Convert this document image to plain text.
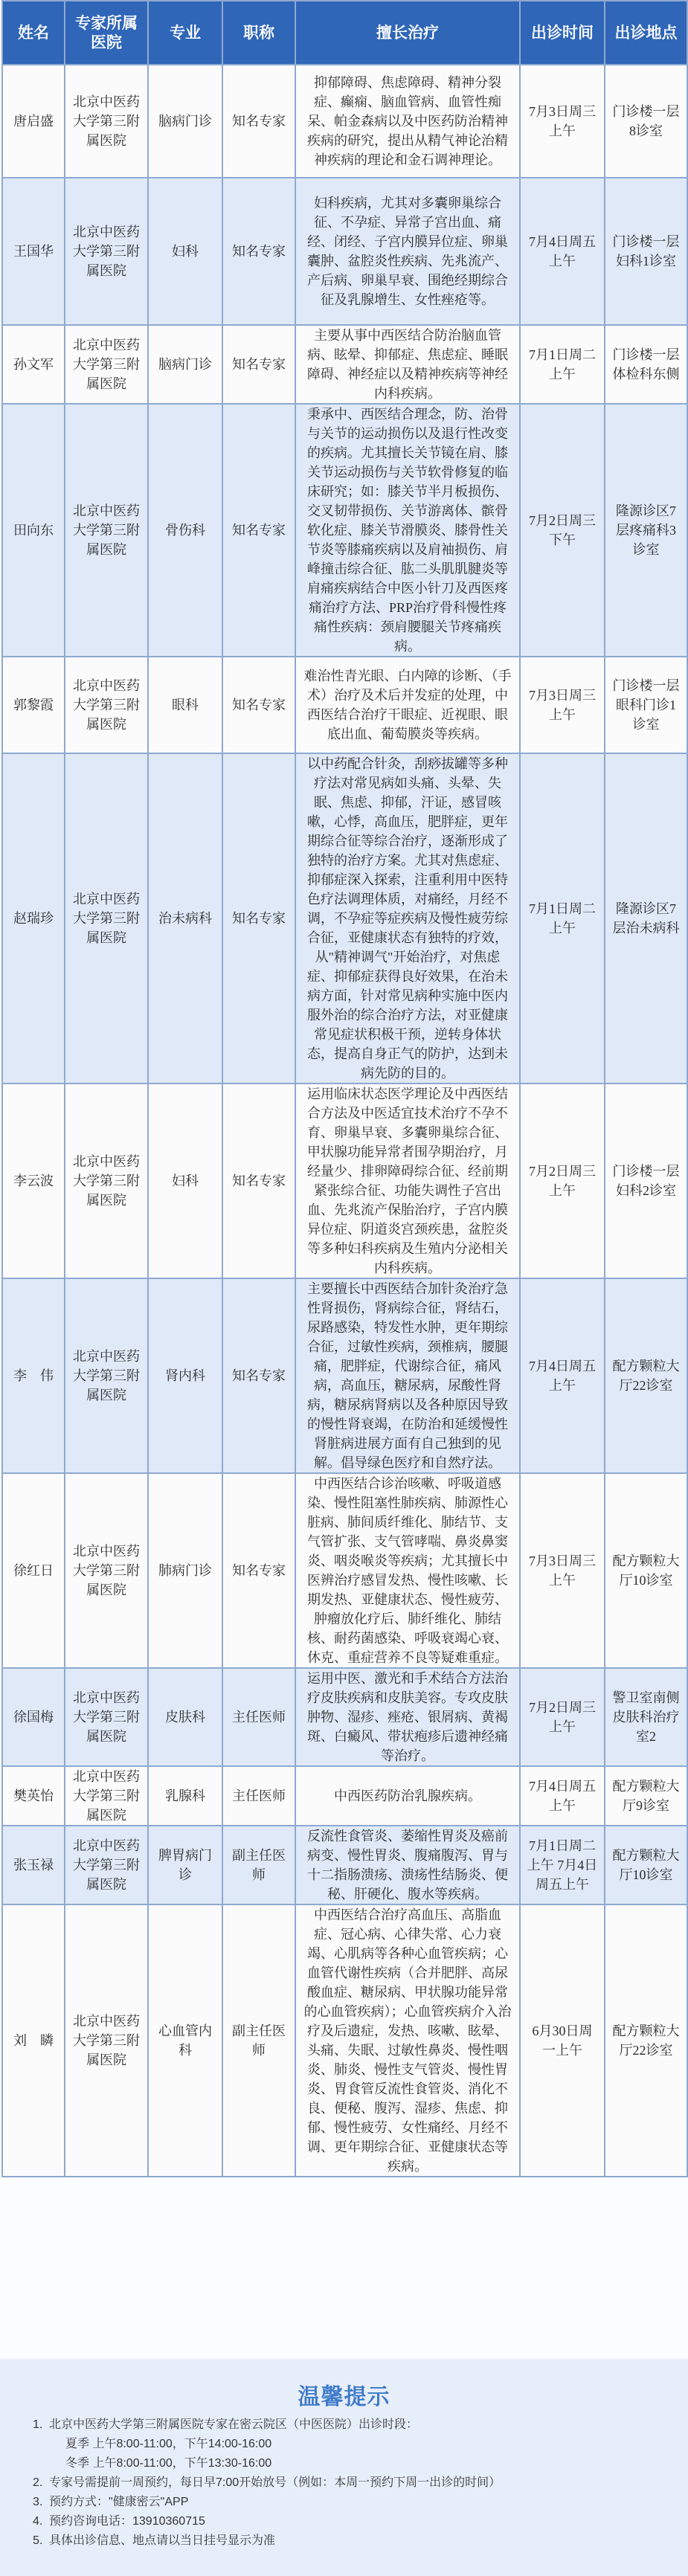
姓名	专家所属医院	专业	职称	擅长治疗	出诊时间	出诊地点
唐启盛	北京中医药大学第三附属医院	脑病门诊	知名专家	抑郁障碍、焦虑障碍、精神分裂症、癫痫、脑血管病、血管性痴呆、帕金森病以及中医药防治精神疾病的研究，提出从精气神论治精神疾病的理论和金石调神理论。	7月3日周三上午	门诊楼一层8诊室
王国华	北京中医药大学第三附属医院	妇科	知名专家	妇科疾病，尤其对多囊卵巢综合征、不孕症、异常子宫出血、痛经、闭经、子宫内膜异位症、卵巢囊肿、盆腔炎性疾病、先兆流产、产后病、卵巢早衰、围绝经期综合征及乳腺增生、女性痤疮等。	7月4日周五上午	门诊楼一层妇科1诊室
孙文军	北京中医药大学第三附属医院	脑病门诊	知名专家	主要从事中西医结合防治脑血管病、眩晕、抑郁症、焦虑症、睡眠障碍、神经症以及精神疾病等神经内科疾病。	7月1日周二上午	门诊楼一层体检科东侧
田向东	北京中医药大学第三附属医院	骨伤科	知名专家	秉承中、西医结合理念，防、治骨与关节的运动损伤以及退行性改变的疾病。尤其擅长关节镜在肩、膝关节运动损伤与关节软骨修复的临床研究；如：膝关节半月板损伤、交叉韧带损伤、关节游离体、髌骨软化症、膝关节滑膜炎、膝骨性关节炎等膝痛疾病以及肩袖损伤、肩峰撞击综合征、肱二头肌肌腱炎等肩痛疾病结合中医小针刀及西医疼痛治疗方法、PRP治疗骨科慢性疼痛性疾病：颈肩腰腿关节疼痛疾病。	7月2日周三下午	隆源诊区7层疼痛科3诊室
郭黎霞	北京中医药大学第三附属医院	眼科	知名专家	难治性青光眼、白内障的诊断、（手术）治疗及术后并发症的处理，中西医结合治疗干眼症、近视眼、眼底出血、葡萄膜炎等疾病。	7月3日周三上午	门诊楼一层眼科门诊1诊室
赵瑞珍	北京中医药大学第三附属医院	治未病科	知名专家	以中药配合针灸，刮痧拔罐等多种疗法对常见病如头痛、头晕、失眠、焦虑、抑郁，汗证，感冒咳嗽，心悸，高血压，肥胖症，更年期综合征等综合治疗，逐渐形成了独特的治疗方案。尤其对焦虑症、抑郁症深入探索，注重利用中医特色疗法调理体质，对痛经，月经不调，不孕症等症疾病及慢性疲劳综合征，亚健康状态有独特的疗效，从"精神调气"开始治疗，对焦虑症、抑郁症获得良好效果，在治未病方面，针对常见病种实施中医内服外治的综合治疗方法，对亚健康常见症状积极干预，逆转身体状态，提高自身正气的防护，达到未病先防的目的。	7月1日周二上午	隆源诊区7层治未病科
李云波	北京中医药大学第三附属医院	妇科	知名专家	运用临床状态医学理论及中西医结合方法及中医适宜技术治疗不孕不育、卵巢早衰、多囊卵巢综合征、甲状腺功能异常者围孕期治疗，月经量少、排卵障碍综合征、经前期紧张综合征、功能失调性子宫出血、先兆流产保胎治疗，子宫内膜异位症、阴道炎宫颈疾患，盆腔炎等多种妇科疾病及生殖内分泌相关内科疾病。	7月2日周三上午	门诊楼一层妇科2诊室
李　伟	北京中医药大学第三附属医院	肾内科	知名专家	主要擅长中西医结合加针灸治疗急性肾损伤，肾病综合征，肾结石，尿路感染，特发性水肿，更年期综合征，过敏性疾病，颈椎病，腰腿痛，肥胖症，代谢综合征，痛风病，高血压，糖尿病，尿酸性肾病，糖尿病肾病以及各种原因导致的慢性肾衰竭，在防治和延缓慢性肾脏病进展方面有自己独到的见解。倡导绿色医疗和自然疗法。	7月4日周五上午	配方颗粒大厅22诊室
徐红日	北京中医药大学第三附属医院	肺病门诊	知名专家	中西医结合诊治咳嗽、呼吸道感染、慢性阻塞性肺疾病、肺源性心脏病、肺间质纤维化、肺结节、支气管扩张、支气管哮喘、鼻炎鼻窦炎、咽炎喉炎等疾病；尤其擅长中医辨治疗感冒发热、慢性咳嗽、长期发热、亚健康状态、慢性疲劳、肿瘤放化疗后、肺纤维化、肺结核、耐药菌感染、呼吸衰竭心衰、休克、重症营养不良等疑难重症。	7月3日周三上午	配方颗粒大厅10诊室
徐国梅	北京中医药大学第三附属医院	皮肤科	主任医师	运用中医、激光和手术结合方法治疗皮肤疾病和皮肤美容。专攻皮肤肿物、湿疹、痤疮、银屑病、黄褐斑、白癜风、带状疱疹后遗神经痛等治疗。	7月2日周三上午	警卫室南侧皮肤科治疗室2
樊英怡	北京中医药大学第三附属医院	乳腺科	主任医师	中西医药防治乳腺疾病。	7月4日周五上午	配方颗粒大厅9诊室
张玉禄	北京中医药大学第三附属医院	脾胃病门诊	副主任医师	反流性食管炎、萎缩性胃炎及癌前病变、慢性胃炎、腹痛腹泻、胃与十二指肠溃疡、溃疡性结肠炎、便秘、肝硬化、腹水等疾病。	7月1日周二上午 7月4日周五上午	配方颗粒大厅10诊室
刘　瞵	北京中医药大学第三附属医院	心血管内科	副主任医师	中西医结合治疗高血压、高脂血症、冠心病、心律失常、心力衰竭、心肌病等各种心血管疾病；心血管代谢性疾病（合并肥胖、高尿酸血症、糖尿病、甲状腺功能异常的心血管疾病）；心血管疾病介入治疗及后遗症，发热、咳嗽、眩晕、头痛、失眠、过敏性鼻炎、慢性咽炎、肺炎、慢性支气管炎、慢性胃炎、胃食管反流性食管炎、消化不良、便秘、腹泻、湿疹、焦虑、抑郁、慢性疲劳、女性痛经、月经不调、更年期综合征、亚健康状态等疾病。	6月30日周一上午	配方颗粒大厅22诊室
温馨提示
1. 北京中医药大学第三附属医院专家在密云院区（中医医院）出诊时段：
夏季 上午8:00-11:00，下午14:00-16:00
冬季 上午8:00-11:00，下午13:30-16:00
2. 专家号需提前一周预约，每日早7:00开始放号（例如：本周一预约下周一出诊的时间）
3. 预约方式："健康密云"APP
4. 预约咨询电话：13910360715
5. 具体出诊信息、地点请以当日挂号显示为准
